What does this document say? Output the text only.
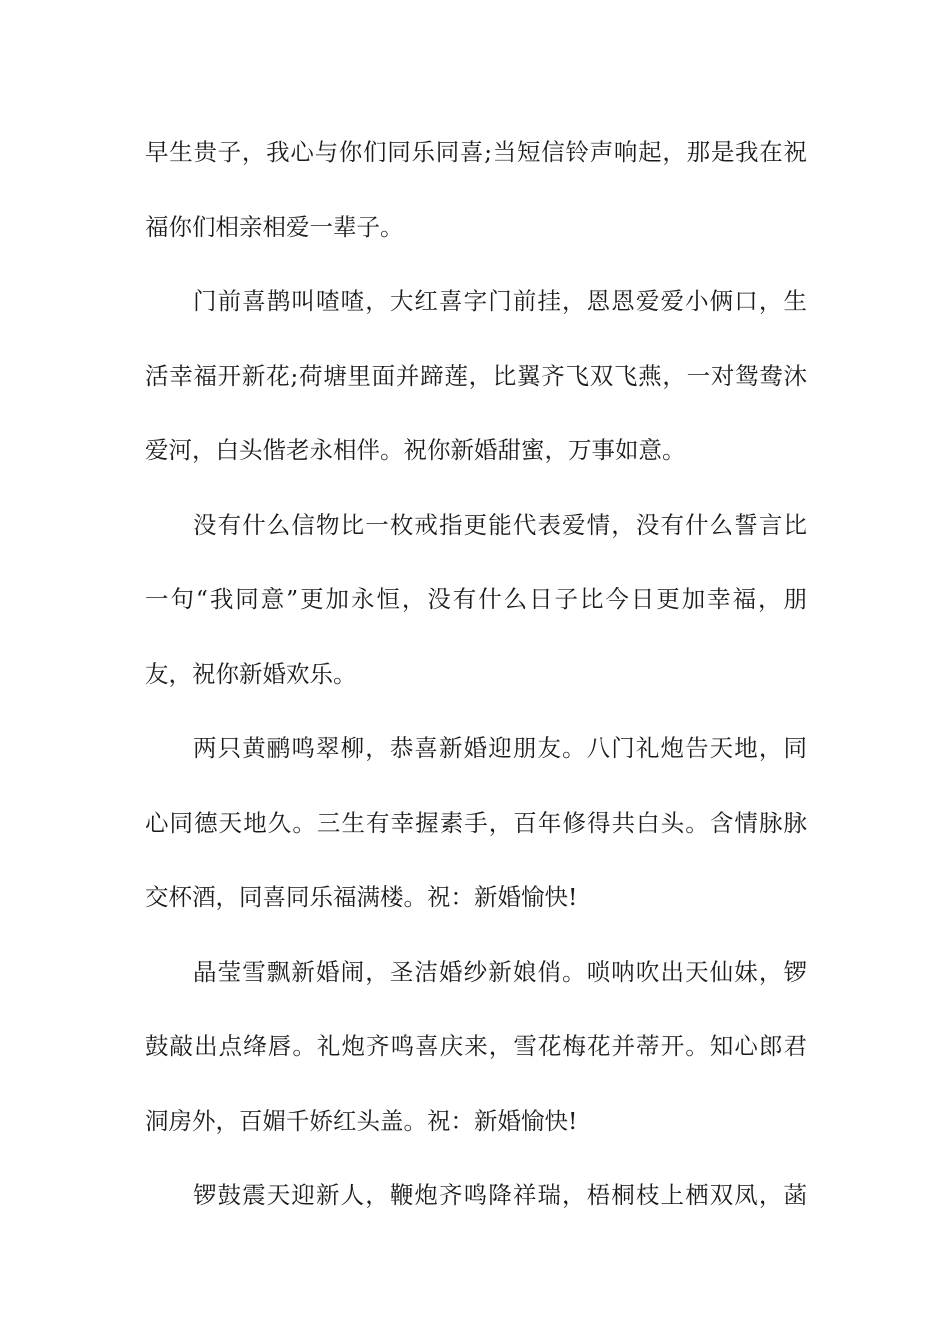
早生贵子，我心与你们同乐同喜;当短信铃声响起，那是我在祝
福你们相亲相爱一辈子。
门前喜鹊叫喳喳，大红喜字门前挂，恩恩爱爱小俩口，生
活幸福开新花;荷塘里面并蹄莲，比翼齐飞双飞燕，一对鸳鸯沐
爱河，白头偕老永相伴。祝你新婚甜蜜，万事如意。
没有什么信物比一枚戒指更能代表爱情，没有什么誓言比
一句“我同意”更加永恒，没有什么日子比今日更加幸福，朋
友，祝你新婚欢乐。
两只黄鹂鸣翠柳，恭喜新婚迎朋友。八门礼炮告天地，同
心同德天地久。三生有幸握素手，百年修得共白头。含情脉脉
交杯酒，同喜同乐福满楼。祝：新婚愉快!
晶莹雪飘新婚闹，圣洁婚纱新娘俏。唢呐吹出天仙妹，锣
鼓敲出点绛唇。礼炮齐鸣喜庆来，雪花梅花并蒂开。知心郎君
洞房外，百媚千娇红头盖。祝：新婚愉快!
锣鼓震天迎新人，鞭炮齐鸣降祥瑞，梧桐枝上栖双凤，菡
